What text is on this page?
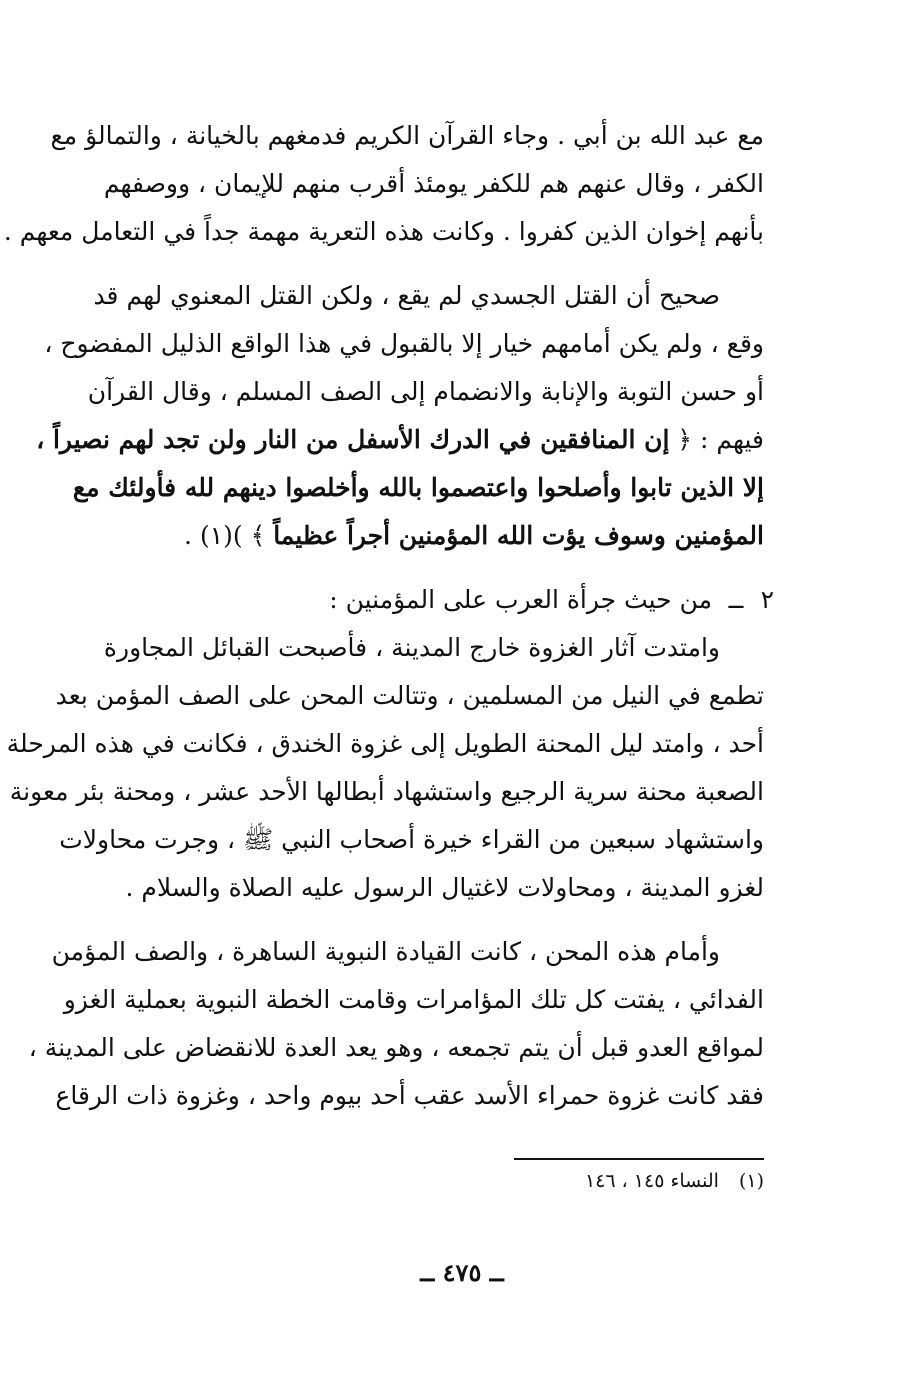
مع عبد الله بن أبي . وجاء القرآن الكريم فدمغهم بالخيانة ، والتمالؤ مع
الكفر ، وقال عنهم هم للكفر يومئذ أقرب منهم للإيمان ، ووصفهم
بأنهم إخوان الذين كفروا . وكانت هذه التعرية مهمة جداً في التعامل معهم .
صحيح أن القتل الجسدي لم يقع ، ولكن القتل المعنوي لهم قد
وقع ، ولم يكن أمامهم خيار إلا بالقبول في هذا الواقع الذليل المفضوح ،
أو حسن التوبة والإنابة والانضمام إلى الصف المسلم ، وقال القرآن
فيهم : ﴿ إن المنافقين في الدرك الأسفل من النار ولن تجد لهم نصيراً ،
إلا الذين تابوا وأصلحوا واعتصموا بالله وأخلصوا دينهم لله فأولئك مع
المؤمنين وسوف يؤت الله المؤمنين أجراً عظيماً ﴾ )(١) .
٢
ــ
من حيث جرأة العرب على المؤمنين :
وامتدت آثار الغزوة خارج المدينة ، فأصبحت القبائل المجاورة
تطمع في النيل من المسلمين ، وتتالت المحن على الصف المؤمن بعد
أحد ، وامتد ليل المحنة الطويل إلى غزوة الخندق ، فكانت في هذه المرحلة
الصعبة محنة سرية الرجيع واستشهاد أبطالها الأحد عشر ، ومحنة بئر معونة
واستشهاد سبعين من القراء خيرة أصحاب النبي ﷺ ، وجرت محاولات
لغزو المدينة ، ومحاولات لاغتيال الرسول عليه الصلاة والسلام .
وأمام هذه المحن ، كانت القيادة النبوية الساهرة ، والصف المؤمن
الفدائي ، يفتت كل تلك المؤامرات وقامت الخطة النبوية بعملية الغزو
لمواقع العدو قبل أن يتم تجمعه ، وهو يعد العدة للانقضاض على المدينة ،
فقد كانت غزوة حمراء الأسد عقب أحد بيوم واحد ، وغزوة ذات الرقاع
(١)النساء ١٤٥ ، ١٤٦
ــ ٤٧٥ ــ
